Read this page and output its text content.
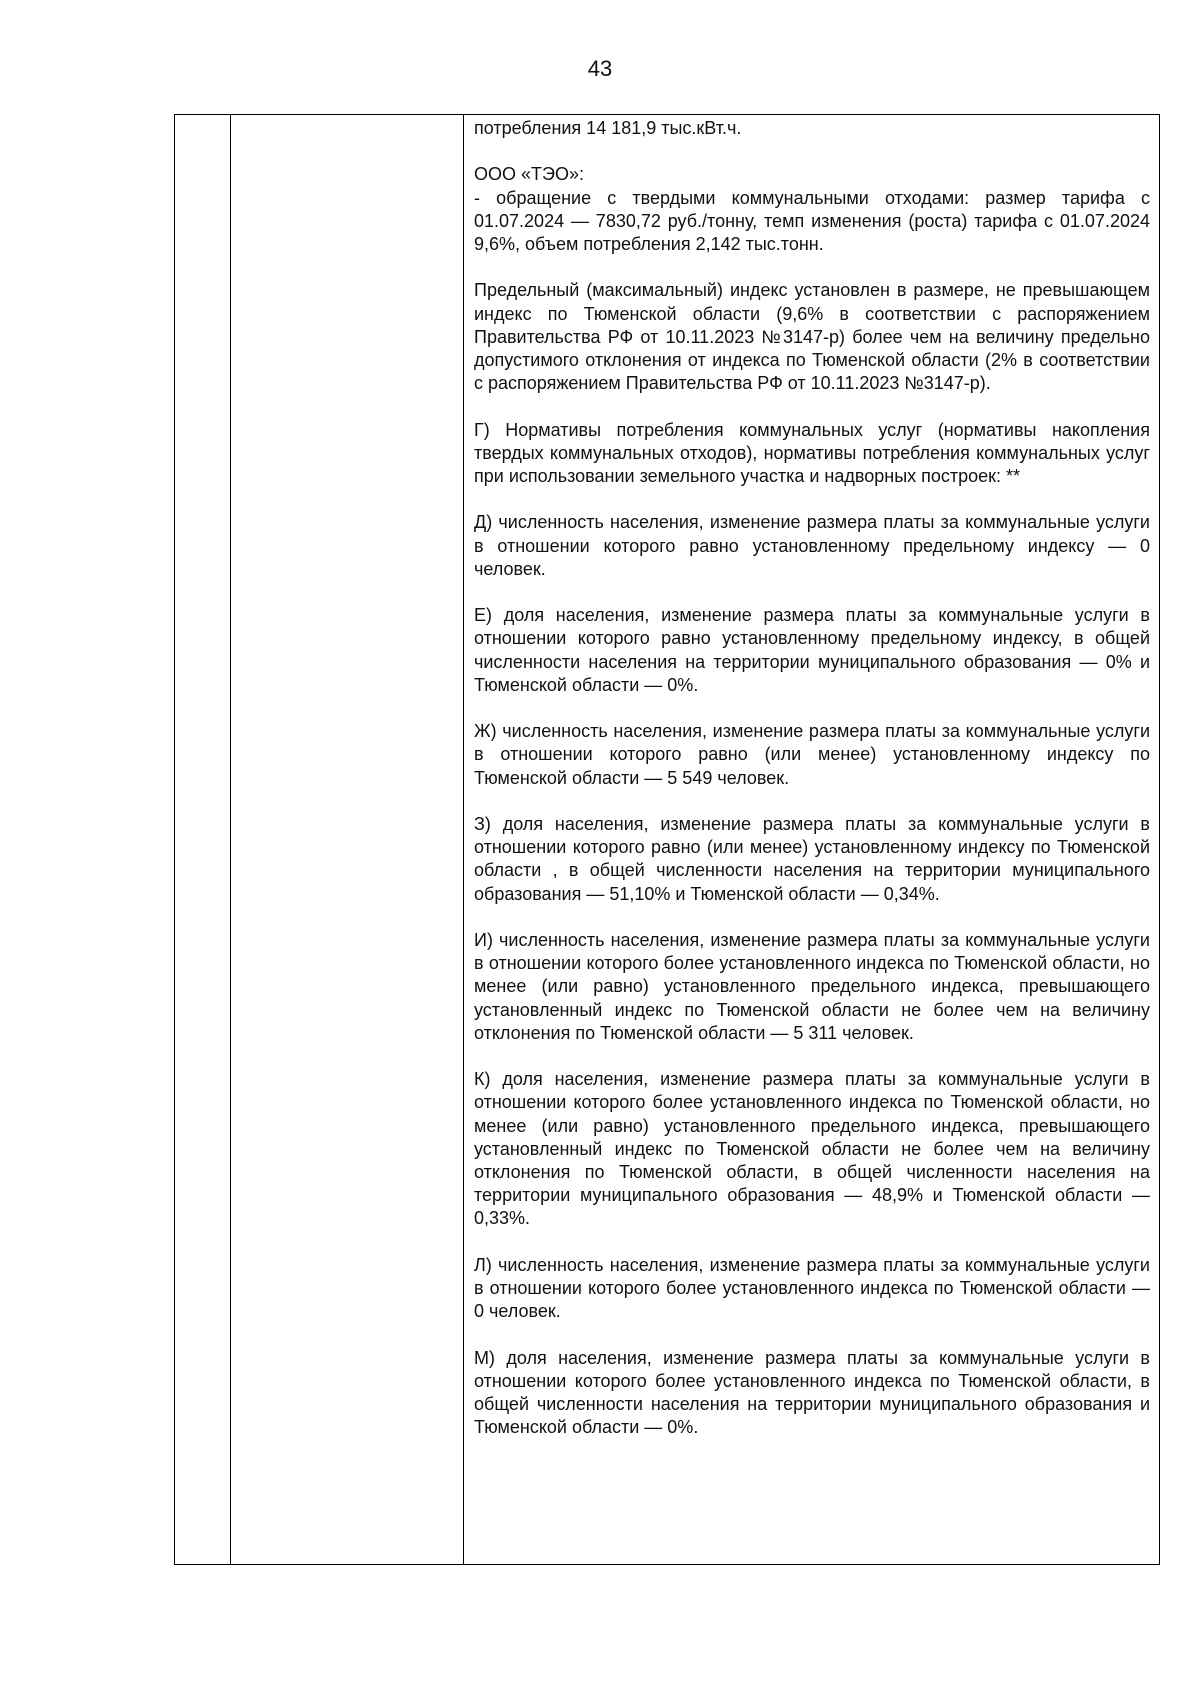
43

потребления 14 181,9 тыс.кВт.ч.
ООО «ТЭО»:
- обращение с твердыми коммунальными отходами: размер тарифа с 01.07.2024 — 7830,72 руб./тонну, темп изменения (роста) тарифа с 01.07.2024 9,6%, объем потребления 2,142 тыс.тонн.
Предельный (максимальный) индекс установлен в размере, не превышающем индекс по Тюменской области (9,6% в соответствии с распоряжением Правительства РФ от 10.11.2023 №3147-р) более чем на величину предельно допустимого отклонения от индекса по Тюменской области (2% в соответствии с распоряжением Правительства РФ от 10.11.2023 №3147-р).
Г) Нормативы потребления коммунальных услуг (нормативы накопления твердых коммунальных отходов), нормативы потребления коммунальных услуг при использовании земельного участка и надворных построек: **
Д) численность населения, изменение размера платы за коммунальные услуги в отношении которого равно установленному предельному индексу — 0 человек.
Е) доля населения, изменение размера платы за коммунальные услуги в отношении которого равно установленному предельному индексу, в общей численности населения на территории муниципального образования — 0% и Тюменской области — 0%.
Ж) численность населения, изменение размера платы за коммунальные услуги в отношении которого равно (или менее) установленному индексу по Тюменской области — 5 549 человек.
З) доля населения, изменение размера платы за коммунальные услуги в отношении которого равно (или менее) установленному индексу по Тюменской области , в общей численности населения на территории муниципального образования — 51,10% и Тюменской области — 0,34%.
И) численность населения, изменение размера платы за коммунальные услуги в отношении которого более установленного индекса по Тюменской области, но менее (или равно) установленного предельного индекса, превышающего установленный индекс по Тюменской области не более чем на величину отклонения по Тюменской области — 5 311 человек.
К) доля населения, изменение размера платы за коммунальные услуги в отношении которого более установленного индекса по Тюменской области, но менее (или равно) установленного предельного индекса, превышающего установленный индекс по Тюменской области не более чем на величину отклонения по Тюменской области, в общей численности населения на территории муниципального образования — 48,9% и Тюменской области — 0,33%.
Л) численность населения, изменение размера платы за коммунальные услуги в отношении которого более установленного индекса по Тюменской области — 0 человек.
М) доля населения, изменение размера платы за коммунальные услуги в отношении которого более установленного индекса по Тюменской области, в общей численности населения на территории муниципального образования и Тюменской области — 0%.
